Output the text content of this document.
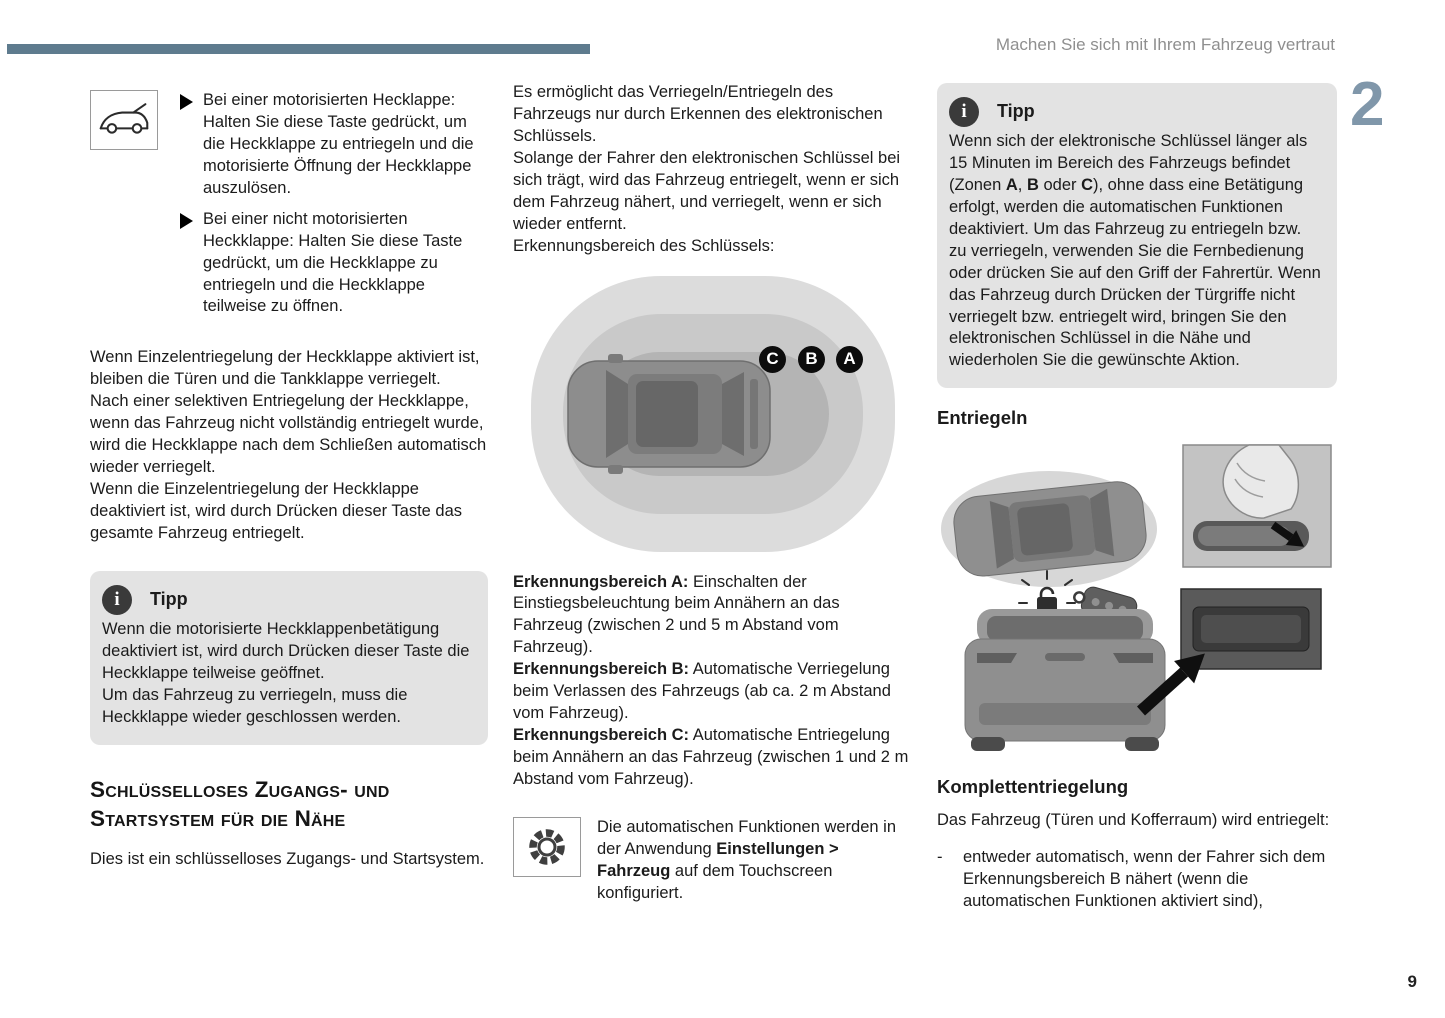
Machen Sie sich mit Ihrem Fahrzeug vertraut
2
Bei einer motorisierten Hecklappe: Halten Sie diese Taste gedrückt, um die Heckklappe zu entriegeln und die motorisierte Öffnung der Heckklappe auszulösen.
Bei einer nicht motorisierten Heckklappe: Halten Sie diese Taste gedrückt, um die Heckklappe zu entriegeln und die Heckklappe teilweise zu öffnen.

Wenn Einzelentriegelung der Heckklappe aktiviert ist, bleiben die Türen und die Tankklappe verriegelt.

Nach einer selektiven Entriegelung der Heckklappe, wenn das Fahrzeug nicht vollständig entriegelt wurde, wird die Heckklappe nach dem Schließen automatisch wieder verriegelt.

Wenn die Einzelentriegelung der Heckklappe deaktiviert ist, wird durch Drücken dieser Taste das gesamte Fahrzeug entriegelt.

i	Tipp

Wenn die motorisierte Heckklappenbetätigung deaktiviert ist, wird durch Drücken dieser Taste die Heckklappe teilweise geöffnet.

Um das Fahrzeug zu verriegeln, muss die Heckklappe wieder geschlossen werden.

Schlüsselloses Zugangs- und Startsystem für die Nähe

Dies ist ein schlüsselloses Zugangs- und Startsystem.

Es ermöglicht das Verriegeln/Entriegeln des Fahrzeugs nur durch Erkennen des elektronischen Schlüssels.

Solange der Fahrer den elektronischen Schlüssel bei sich trägt, wird das Fahrzeug entriegelt, wenn er sich dem Fahrzeug nähert, und verriegelt, wenn er sich wieder entfernt.

Erkennungsbereich des Schlüssels:

C	B	A

Erkennungsbereich A: Einschalten der Einstiegsbeleuchtung beim Annähern an das Fahrzeug (zwischen 2 und 5 m Abstand vom Fahrzeug).

Erkennungsbereich B: Automatische Verriegelung beim Verlassen des Fahrzeugs (ab ca. 2 m Abstand vom Fahrzeug).

Erkennungsbereich C: Automatische Entriegelung beim Annähern an das Fahrzeug (zwischen 1 und 2 m Abstand vom Fahrzeug).

Die automatischen Funktionen werden in der Anwendung Einstellungen > Fahrzeug auf dem Touchscreen konfiguriert.

i	Tipp

Wenn sich der elektronische Schlüssel länger als 15 Minuten im Bereich des Fahrzeugs befindet (Zonen A, B oder C), ohne dass eine Betätigung erfolgt, werden die automatischen Funktionen deaktiviert. Um das Fahrzeug zu entriegeln bzw. zu verriegeln, verwenden Sie die Fernbedienung oder drücken Sie auf den Griff der Fahrertür. Wenn das Fahrzeug durch Drücken der Türgriffe nicht verriegelt bzw. entriegelt wird, bringen Sie den elektronischen Schlüssel in die Nähe und wiederholen Sie die gewünschte Aktion.

Entriegeln
Komplettentriegelung

Das Fahrzeug (Türen und Kofferraum) wird entriegelt:

-	entweder automatisch, wenn der Fahrer sich dem Erkennungsbereich B nähert (wenn die automatischen Funktionen aktiviert sind),
9
